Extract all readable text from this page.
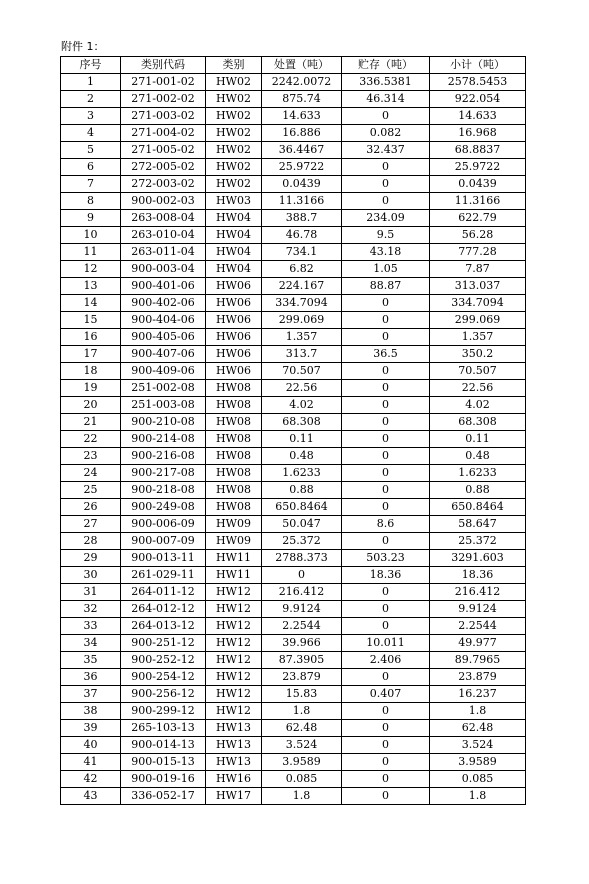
附件 1：
序号	类别代码	类别	处置（吨）	贮存（吨）	小计（吨）
1	271-001-02	HW02	2242.0072	336.5381	2578.5453
2	271-002-02	HW02	875.74	46.314	922.054
3	271-003-02	HW02	14.633	0	14.633
4	271-004-02	HW02	16.886	0.082	16.968
5	271-005-02	HW02	36.4467	32.437	68.8837
6	272-005-02	HW02	25.9722	0	25.9722
7	272-003-02	HW02	0.0439	0	0.0439
8	900-002-03	HW03	11.3166	0	11.3166
9	263-008-04	HW04	388.7	234.09	622.79
10	263-010-04	HW04	46.78	9.5	56.28
11	263-011-04	HW04	734.1	43.18	777.28
12	900-003-04	HW04	6.82	1.05	7.87
13	900-401-06	HW06	224.167	88.87	313.037
14	900-402-06	HW06	334.7094	0	334.7094
15	900-404-06	HW06	299.069	0	299.069
16	900-405-06	HW06	1.357	0	1.357
17	900-407-06	HW06	313.7	36.5	350.2
18	900-409-06	HW06	70.507	0	70.507
19	251-002-08	HW08	22.56	0	22.56
20	251-003-08	HW08	4.02	0	4.02
21	900-210-08	HW08	68.308	0	68.308
22	900-214-08	HW08	0.11	0	0.11
23	900-216-08	HW08	0.48	0	0.48
24	900-217-08	HW08	1.6233	0	1.6233
25	900-218-08	HW08	0.88	0	0.88
26	900-249-08	HW08	650.8464	0	650.8464
27	900-006-09	HW09	50.047	8.6	58.647
28	900-007-09	HW09	25.372	0	25.372
29	900-013-11	HW11	2788.373	503.23	3291.603
30	261-029-11	HW11	0	18.36	18.36
31	264-011-12	HW12	216.412	0	216.412
32	264-012-12	HW12	9.9124	0	9.9124
33	264-013-12	HW12	2.2544	0	2.2544
34	900-251-12	HW12	39.966	10.011	49.977
35	900-252-12	HW12	87.3905	2.406	89.7965
36	900-254-12	HW12	23.879	0	23.879
37	900-256-12	HW12	15.83	0.407	16.237
38	900-299-12	HW12	1.8	0	1.8
39	265-103-13	HW13	62.48	0	62.48
40	900-014-13	HW13	3.524	0	3.524
41	900-015-13	HW13	3.9589	0	3.9589
42	900-019-16	HW16	0.085	0	0.085
43	336-052-17	HW17	1.8	0	1.8
